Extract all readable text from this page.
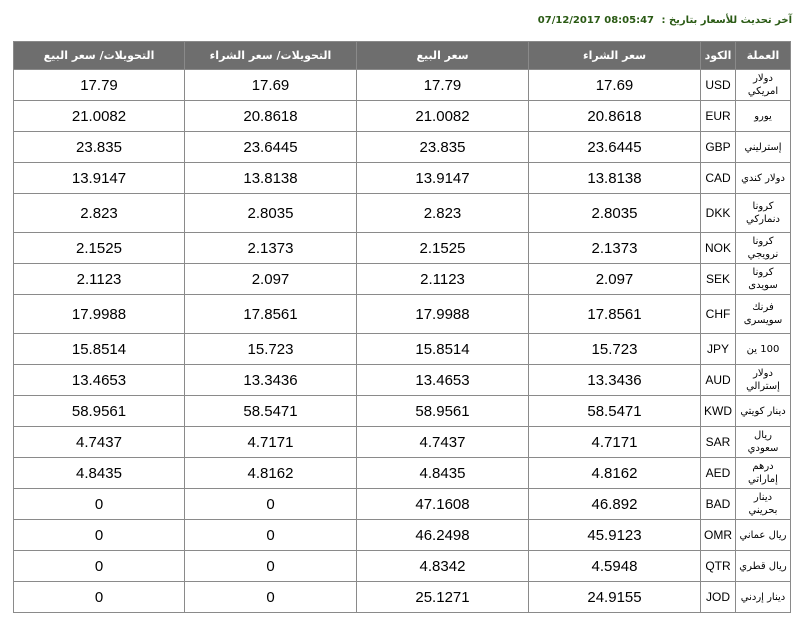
آخر تحديث للأسعار بتاريخ : 07/12/2017 08:05:47
العملة	الكود	سعر الشراء	سعر البيع	التحويلات/ سعر الشراء	التحويلات/ سعر البيع
دولار امريكي	USD	17.69	17.79	17.69	17.79
يورو	EUR	20.8618	21.0082	20.8618	21.0082
إسترليني	GBP	23.6445	23.835	23.6445	23.835
دولار كندي	CAD	13.8138	13.9147	13.8138	13.9147
كرونا دنماركي	DKK	2.8035	2.823	2.8035	2.823
كرونا نرويجي	NOK	2.1373	2.1525	2.1373	2.1525
كرونا سويدى	SEK	2.097	2.1123	2.097	2.1123
فرنك سويسرى	CHF	17.8561	17.9988	17.8561	17.9988
100 ين	JPY	15.723	15.8514	15.723	15.8514
دولار إسترالي	AUD	13.3436	13.4653	13.3436	13.4653
دينار كويتي	KWD	58.5471	58.9561	58.5471	58.9561
ريال سعودي	SAR	4.7171	4.7437	4.7171	4.7437
درهم إماراتي	AED	4.8162	4.8435	4.8162	4.8435
دينار بحريني	BAD	46.892	47.1608	0	0
ريال عماني	OMR	45.9123	46.2498	0	0
ريال قطري	QTR	4.5948	4.8342	0	0
دينار إردني	JOD	24.9155	25.1271	0	0
